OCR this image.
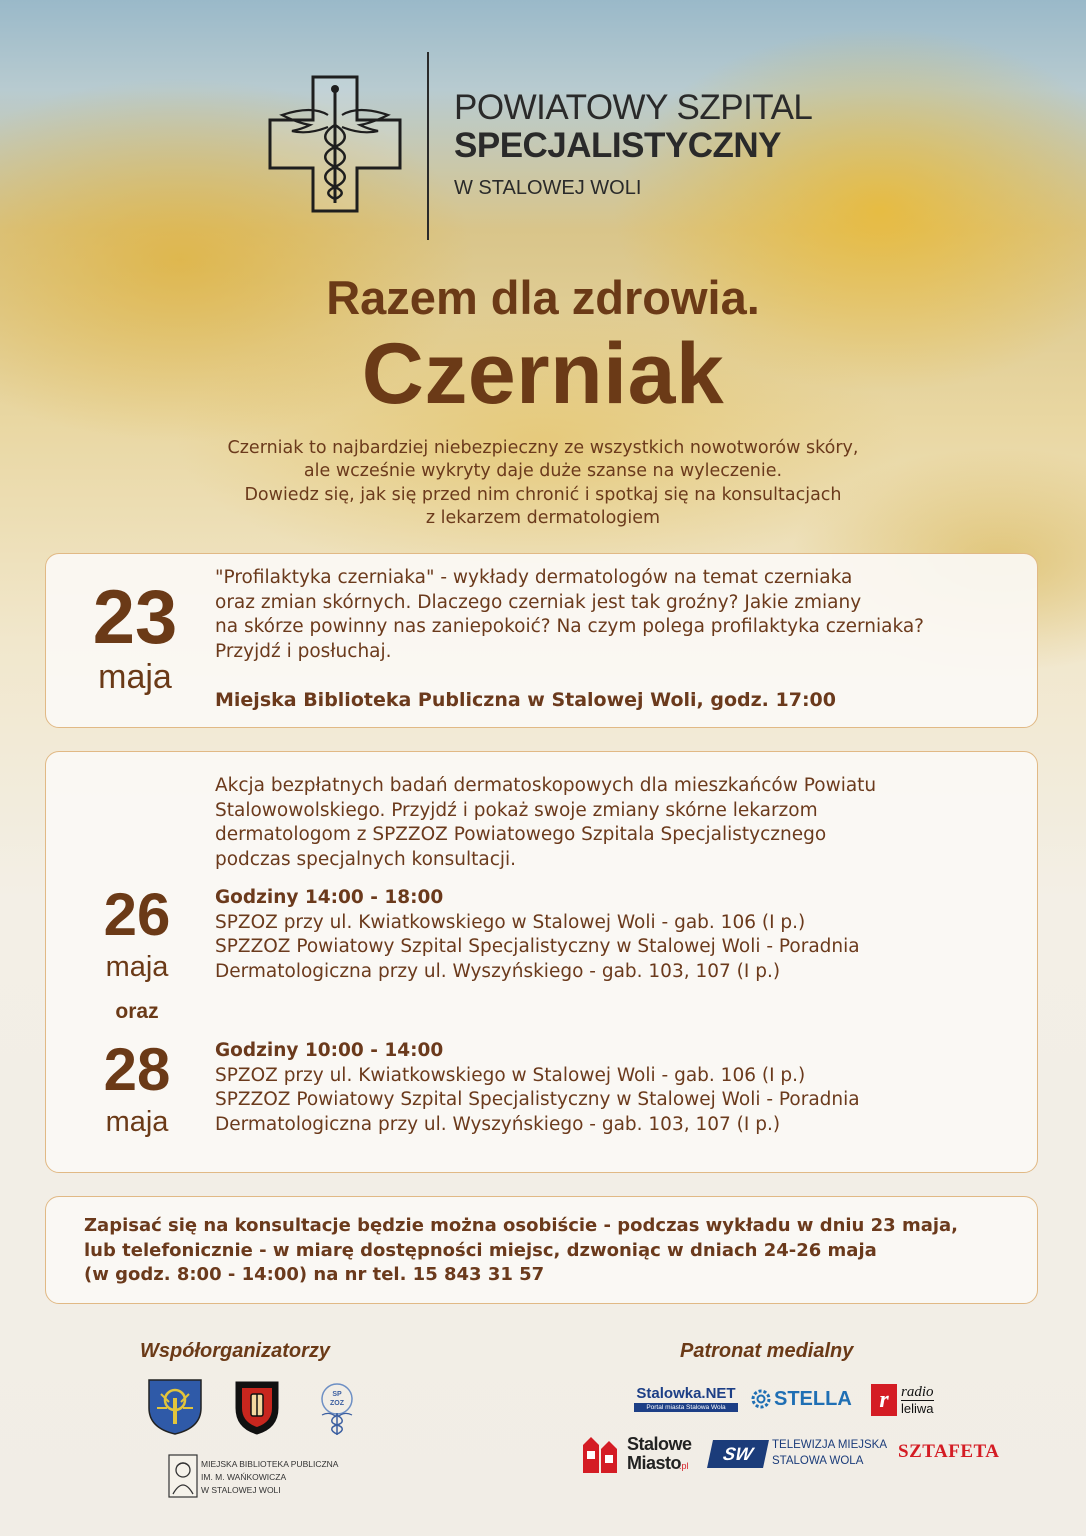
POWIATOWY SZPITAL
SPECJALISTYCZNY
W STALOWEJ WOLI
Razem dla zdrowia.
Czerniak
Czerniak to najbardziej niebezpieczny ze wszystkich nowotworów skóry,
ale wcześnie wykryty daje duże szanse na wyleczenie.
Dowiedz się, jak się przed nim chronić i spotkaj się na konsultacjach
z lekarzem dermatologiem
23
maja
"Profilaktyka czerniaka" - wykłady dermatologów na temat czerniaka
oraz zmian skórnych. Dlaczego czerniak jest tak groźny? Jakie zmiany
na skórze powinny nas zaniepokoić? Na czym polega profilaktyka czerniaka?
Przyjdź i posłuchaj.
Miejska Biblioteka Publiczna w Stalowej Woli, godz. 17:00
Akcja bezpłatnych badań dermatoskopowych dla mieszkańców Powiatu
Stalowowolskiego. Przyjdź i pokaż swoje zmiany skórne lekarzom
dermatologom z SPZZOZ Powiatowego Szpitala Specjalistycznego
podczas specjalnych konsultacji.
26
maja
oraz
28
maja
Godziny 14:00 - 18:00
SPZOZ przy ul. Kwiatkowskiego w Stalowej Woli - gab. 106 (I p.)
SPZZOZ Powiatowy Szpital Specjalistyczny w Stalowej Woli - Poradnia
Dermatologiczna przy ul. Wyszyńskiego - gab. 103, 107 (I p.)
Godziny 10:00 - 14:00
SPZOZ przy ul. Kwiatkowskiego w Stalowej Woli - gab. 106 (I p.)
SPZZOZ Powiatowy Szpital Specjalistyczny w Stalowej Woli - Poradnia
Dermatologiczna przy ul. Wyszyńskiego - gab. 103, 107 (I p.)
Zapisać się na konsultacje będzie można osobiście - podczas wykładu w dniu 23 maja,
lub telefonicznie - w miarę dostępności miejsc, dzwoniąc w dniach 24-26 maja
(w godz. 8:00 - 14:00) na nr tel. 15 843 31 57
Współorganizatorzy	Patronat medialny
SP
ZOZ
MIEJSKA BIBLIOTEKA PUBLICZNA
IM. M. WAŃKOWICZA
W STALOWEJ WOLI
Stalowka.NET
Portal miasta Stalowa Wola	STELLA	r radio
leliwa
Stalowe
Miasto
.pl
SW	TELEWIZJA MIEJSKA
STALOWA WOLA SZTAFETA
